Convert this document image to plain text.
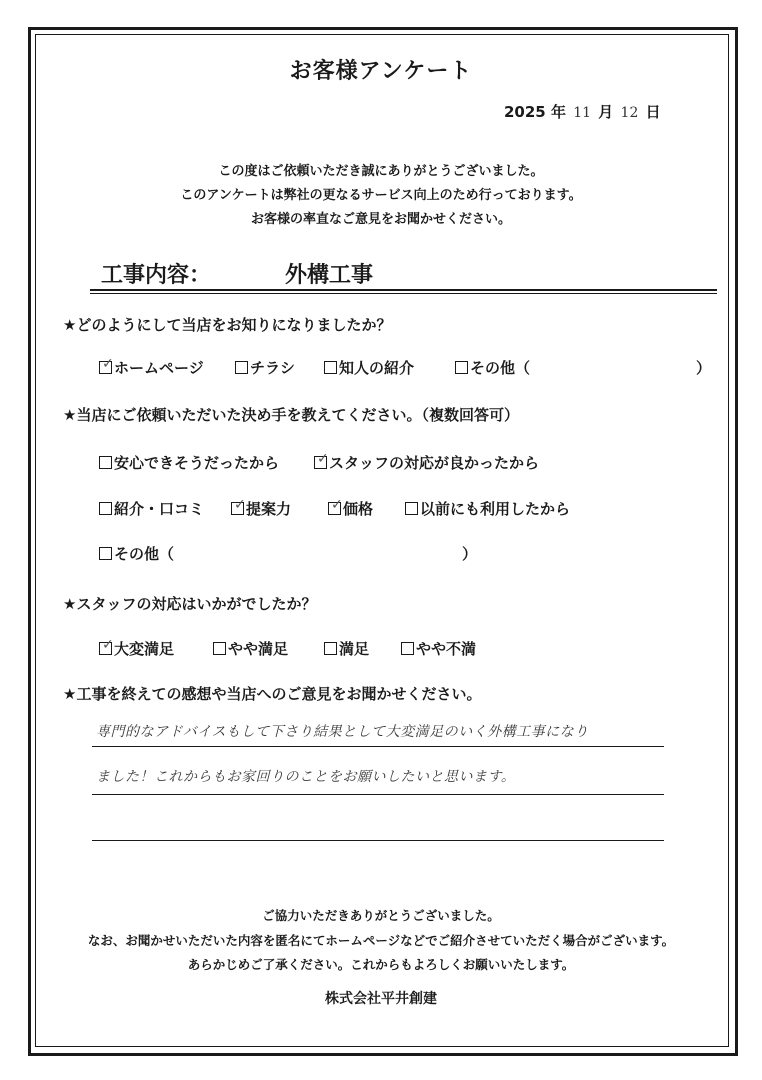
お客様アンケート
2025 年 11 月 12 日
この度はご依頼いただき誠にありがとうございました。
このアンケートは弊社の更なるサービス向上のため行っております。
お客様の率直なご意見をお聞かせください。
工事内容：	外構工事
★どのようにして当店をお知りになりましたか？
✓ ホームページ	チラシ	知人の紹介	その他（	）
★当店にご依頼いただいた決め手を教えてください。（複数回答可）
安心できそうだったから	✓ スタッフの対応が良かったから
紹介・口コミ ✓ 提案力	✓ 価格	以前にも利用したから
その他（	）
★スタッフの対応はいかがでしたか？
✓ 大変満足	やや満足	満足	やや不満
★工事を終えての感想や当店へのご意見をお聞かせください。
専門的なアドバイスもして下さり結果として大変満足のいく外構工事になり
ました！これからもお家回りのことをお願いしたいと思います。
ご協力いただきありがとうございました。
なお、お聞かせいただいた内容を匿名にてホームページなどでご紹介させていただく場合がございます。
あらかじめご了承ください。これからもよろしくお願いいたします。
株式会社平井創建
